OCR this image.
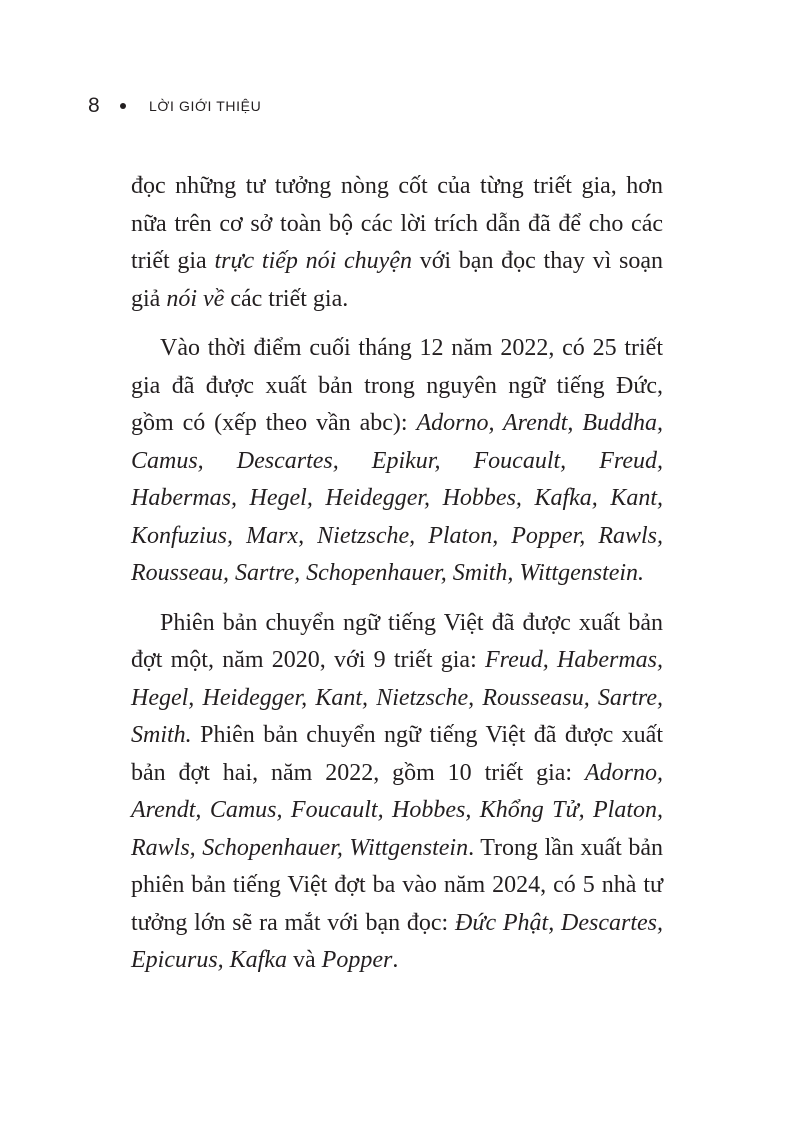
8	LỜI GIỚI THIỆU

đọc những tư tưởng nòng cốt của từng triết gia, hơn nữa trên cơ sở toàn bộ các lời trích dẫn đã để cho các triết gia trực tiếp nói chuyện với bạn đọc thay vì soạn giả nói về các triết gia.

Vào thời điểm cuối tháng 12 năm 2022, có 25 triết gia đã được xuất bản trong nguyên ngữ tiếng Đức, gồm có (xếp theo vần abc): Adorno, Arendt, Buddha, Camus, Descartes, Epikur, Foucault, Freud, Habermas, Hegel, Heidegger, Hobbes, Kafka, Kant, Konfuzius, Marx, Nietzsche, Platon, Popper, Rawls, Rousseau, Sartre, Schopenhauer, Smith, Wittgenstein.

Phiên bản chuyển ngữ tiếng Việt đã được xuất bản đợt một, năm 2020, với 9 triết gia: Freud, Habermas, Hegel, Heidegger, Kant, Nietzsche, Rousseasu, Sartre, Smith. Phiên bản chuyển ngữ tiếng Việt đã được xuất bản đợt hai, năm 2022, gồm 10 triết gia: Adorno, Arendt, Camus, Foucault, Hobbes, Khổng Tử, Platon, Rawls, Schopenhauer, Wittgenstein. Trong lần xuất bản phiên bản tiếng Việt đợt ba vào năm 2024, có 5 nhà tư tưởng lớn sẽ ra mắt với bạn đọc: Đức Phật, Descartes, Epicurus, Kafka và Popper.
